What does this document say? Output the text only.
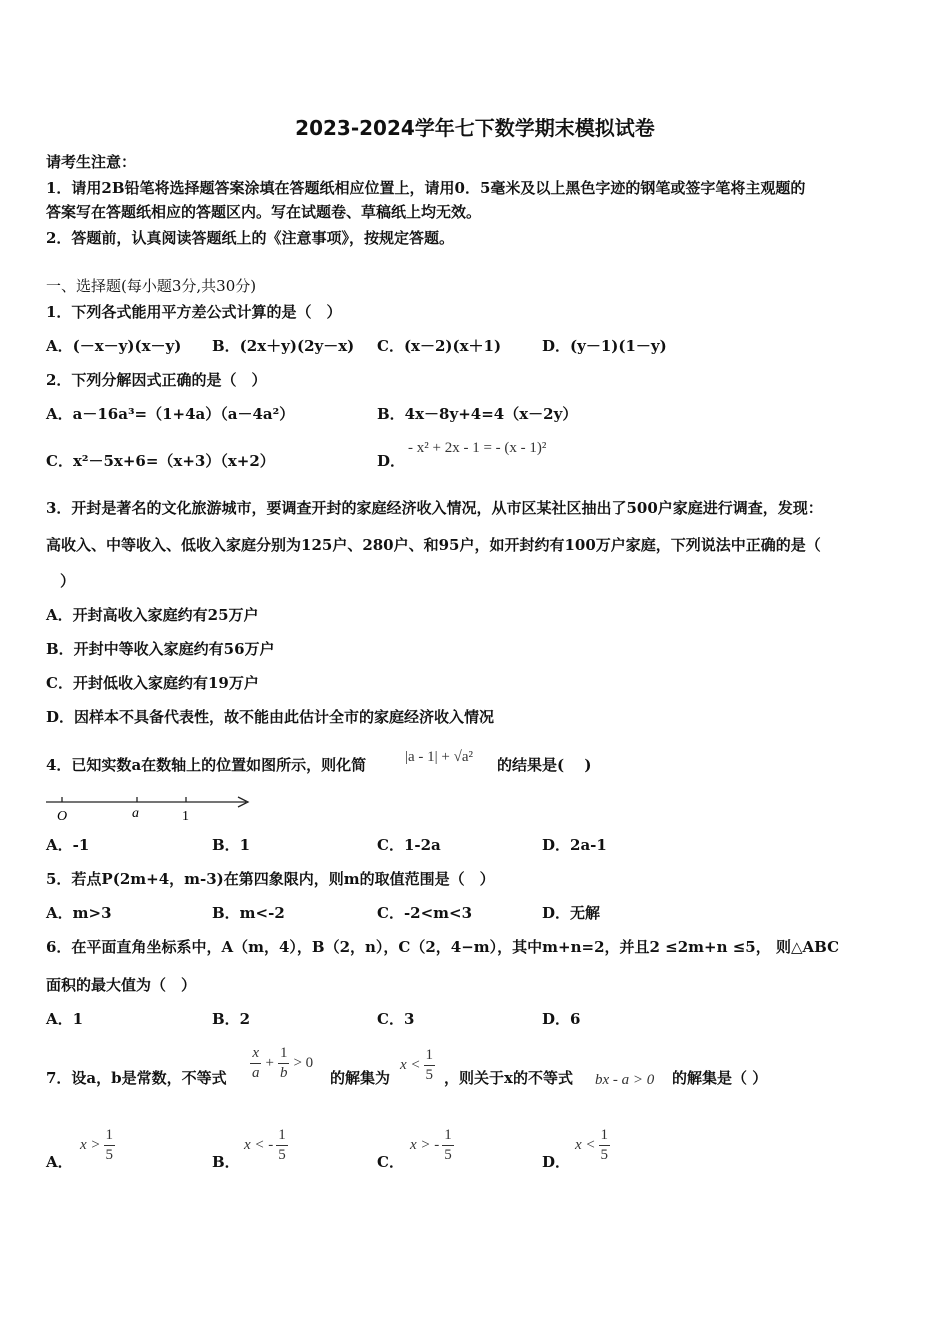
2023-2024学年七下数学期末模拟试卷
请考生注意：
1．请用2B铅笔将选择题答案涂填在答题纸相应位置上，请用0．5毫米及以上黑色字迹的钢笔或签字笔将主观题的
答案写在答题纸相应的答题区内。写在试题卷、草稿纸上均无效。
2．答题前，认真阅读答题纸上的《注意事项》，按规定答题。
一、选择题(每小题3分,共30分)
1．下列各式能用平方差公式计算的是（　）
A．(－x－y)(x－y) B．(2x＋y)(2y－x) C．(x－2)(x＋1)	D．(y－1)(1－y)
2．下列分解因式正确的是（　）
A．a－16a³=（1+4a）（a－4a²）	B．4x－8y+4=4（x－2y）
C．x²－5x+6=（x+3）（x+2）	D．
- x² + 2x - 1 = - (x - 1)²
3．开封是著名的文化旅游城市，要调查开封的家庭经济收入情况，从市区某社区抽出了500户家庭进行调查，发现：
高收入、中等收入、低收入家庭分别为125户、280户、和95户，如开封约有100万户家庭，下列说法中正确的是（
）
A．开封高收入家庭约有25万户
B．开封中等收入家庭约有56万户
C．开封低收入家庭约有19万户
D．因样本不具备代表性，故不能由此估计全市的家庭经济收入情况
4．已知实数a在数轴上的位置如图所示，则化简	|a - 1| + √a² 的结果是(　 )
O	a	1
A．-1	B．1	C．1-2a	D．2a-1
5．若点P(2m+4，m-3)在第四象限内，则m的取值范围是（　）
A．m>3	B．m<-2	C．-2<m<3	D．无解
6．在平面直角坐标系中，A（m，4），B（2，n），C（2，4−m），其中m+n=2，并且2 ≤2m+n ≤5， 则△ABC
面积的最大值为（　）
A．1	B．2	C．3	D．6
7．设a，b是常数，不等式 $\frac{x}{a} + \frac{1}{b} > 0$
的解集为
$x < \frac{1}{5}$ ，则关于x的不等式 bx - a > 0 的解集是（ ）
A．
$x > \frac{1}{5}$	B．
x < - $\frac{1}{5}$	C．
x > - $\frac{1}{5}$	D．
$x < \frac{1}{5}$
